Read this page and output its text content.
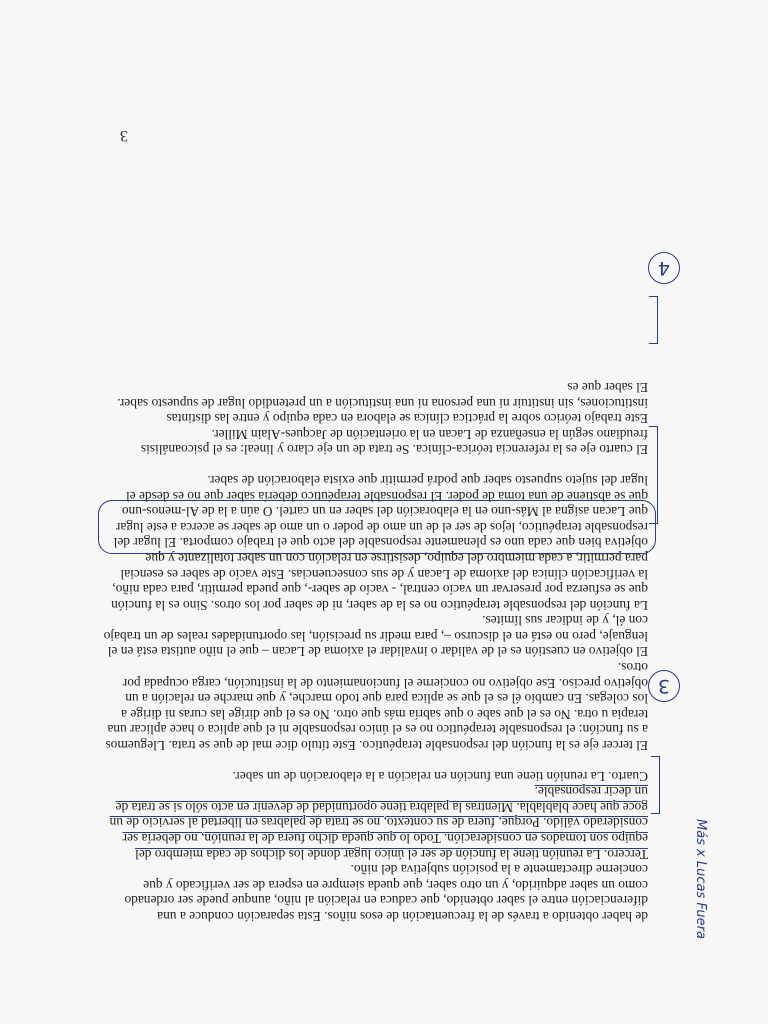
3

de haber obtenido a través de la frecuentación de esos niños. Esta separación conduce a una diferenciación entre el saber obtenido, que caduca en relación al niño, aunque puede ser ordenado como un saber adquirido, y un otro saber, que queda siempre en espera de ser verificado y que concierne directamente a la posición subjetiva del niño.

Tercero. La reunión tiene la función de ser el único lugar donde los dichos de cada miembro del equipo son tomados en consideración. Todo lo que queda dicho fuera de la reunión, no debería ser considerado válido. Porque, fuera de su contexto, no se trata de palabras en libertad al servicio de un goce que hace blablabla. Mientras la palabra tiene oportunidad de devenir en acto sólo si se trata de un decir responsable.

Cuarto. La reunión tiene una función en relación a la elaboración de un saber.

El tercer eje es la función del responsable terapéutico. Este título dice mal de que se trata. Lleguemos a su función: el responsable terapéutico no es el único responsable ni el que aplica o hace aplicar una terapia u otra. No es el que sabe o que sabría más que otro. No es el que dirige las curas ni dirige a los colegas. En cambio él es el que se aplica para que todo marche, y que marche en relación a un objetivo preciso. Ese objetivo no concierne el funcionamiento de la institución, carga ocupada por otros.

El objetivo en cuestión es el de validar o invalidar el axioma de Lacan – que el niño autista está en el lenguaje, pero no está en el discurso –, para medir su precisión, las oportunidades reales de un trabajo con él, y de indicar sus límites.

La función del responsable terapéutico no es la de saber, ni de saber por los otros. Sino es la función que se esfuerza por preservar un vacío central, - vacío de saber-, que pueda permitir, para cada niño, la verificación clínica del axioma de Lacan y de sus consecuencias. Este vacío de saber es esencial para permitir, a cada miembro del equipo, desistirse en relación con un saber totalizante y que objetiva bien que cada uno es plenamente responsable del acto que el trabajo comporta. El lugar del responsable terapéutico, lejos de ser el de un amo de poder o un amo de saber se acerca a este lugar que Lacan asigna al Más-uno en la elaboración del saber en un cartel. O aún a la de Al-menos-uno que se abstiene de una toma de poder. El responsable terapéutico debería saber que no es desde el lugar del sujeto supuesto saber que podrá permitir que exista elaboración de saber.

El cuarto eje es la referencia teórica-clínica. Se trata de un eje claro y lineal: es el psicoanálisis freudiano según la enseñanza de Lacan en la orientación de Jacques-Alain Miller.

Este trabajo teórico sobre la práctica clínica se elabora en cada equipo y entre las distintas instituciones, sin instituir ni una persona ni una institución a un pretendido lugar de supuesto saber. El saber que es

3
4
Más x Lucas Fuera
